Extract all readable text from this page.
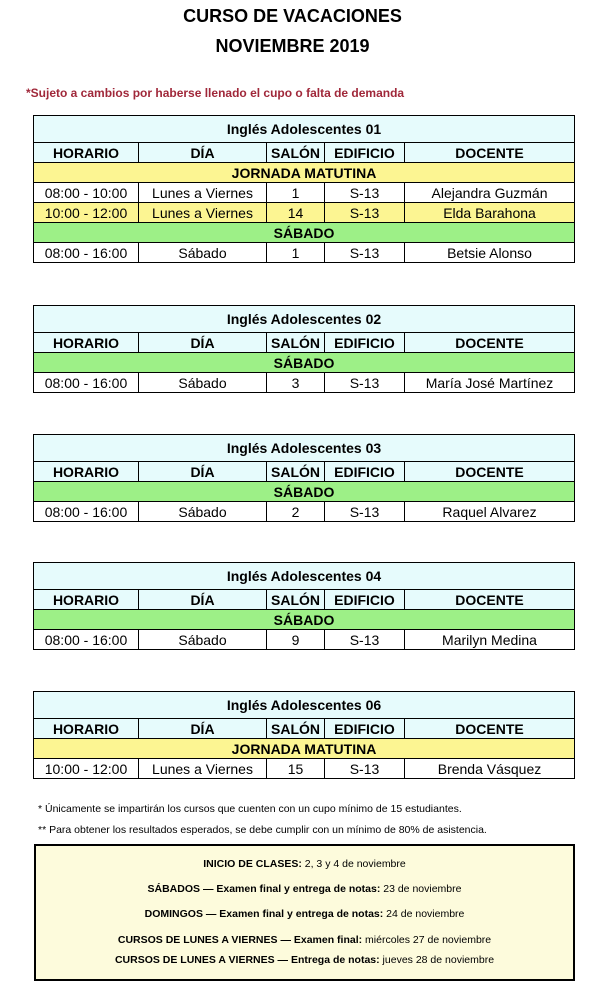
CURSO DE VACACIONES
NOVIEMBRE 2019
*Sujeto a cambios por haberse llenado el cupo o falta de demanda
Inglés Adolescentes 01				
HORARIO	DÍA	SALÓN	EDIFICIO	DOCENTE
JORNADA MATUTINA				
08:00 - 10:00	Lunes a Viernes	1	S-13	Alejandra Guzmán
10:00 - 12:00	Lunes a Viernes	14	S-13	Elda Barahona
SÁBADO				
08:00 - 16:00	Sábado	1	S-13	Betsie Alonso
Inglés Adolescentes 02				
HORARIO	DÍA	SALÓN	EDIFICIO	DOCENTE
SÁBADO				
08:00 - 16:00	Sábado	3	S-13	María José Martínez
Inglés Adolescentes 03				
HORARIO	DÍA	SALÓN	EDIFICIO	DOCENTE
SÁBADO				
08:00 - 16:00	Sábado	2	S-13	Raquel Alvarez
Inglés Adolescentes 04				
HORARIO	DÍA	SALÓN	EDIFICIO	DOCENTE
SÁBADO				
08:00 - 16:00	Sábado	9	S-13	Marilyn Medina
Inglés Adolescentes 06				
HORARIO	DÍA	SALÓN	EDIFICIO	DOCENTE
JORNADA MATUTINA				
10:00 - 12:00	Lunes a Viernes	15	S-13	Brenda Vásquez
* Únicamente se impartirán los cursos que cuenten con un cupo mínimo de 15 estudiantes.
** Para obtener los resultados esperados, se debe cumplir con un mínimo de 80% de asistencia.
INICIO DE CLASES: 2, 3 y 4 de noviembre
SÁBADOS — Examen final y entrega de notas: 23 de noviembre
DOMINGOS — Examen final y entrega de notas: 24 de noviembre
CURSOS DE LUNES A VIERNES — Examen final: miércoles 27 de noviembre
CURSOS DE LUNES A VIERNES — Entrega de notas: jueves 28 de noviembre
